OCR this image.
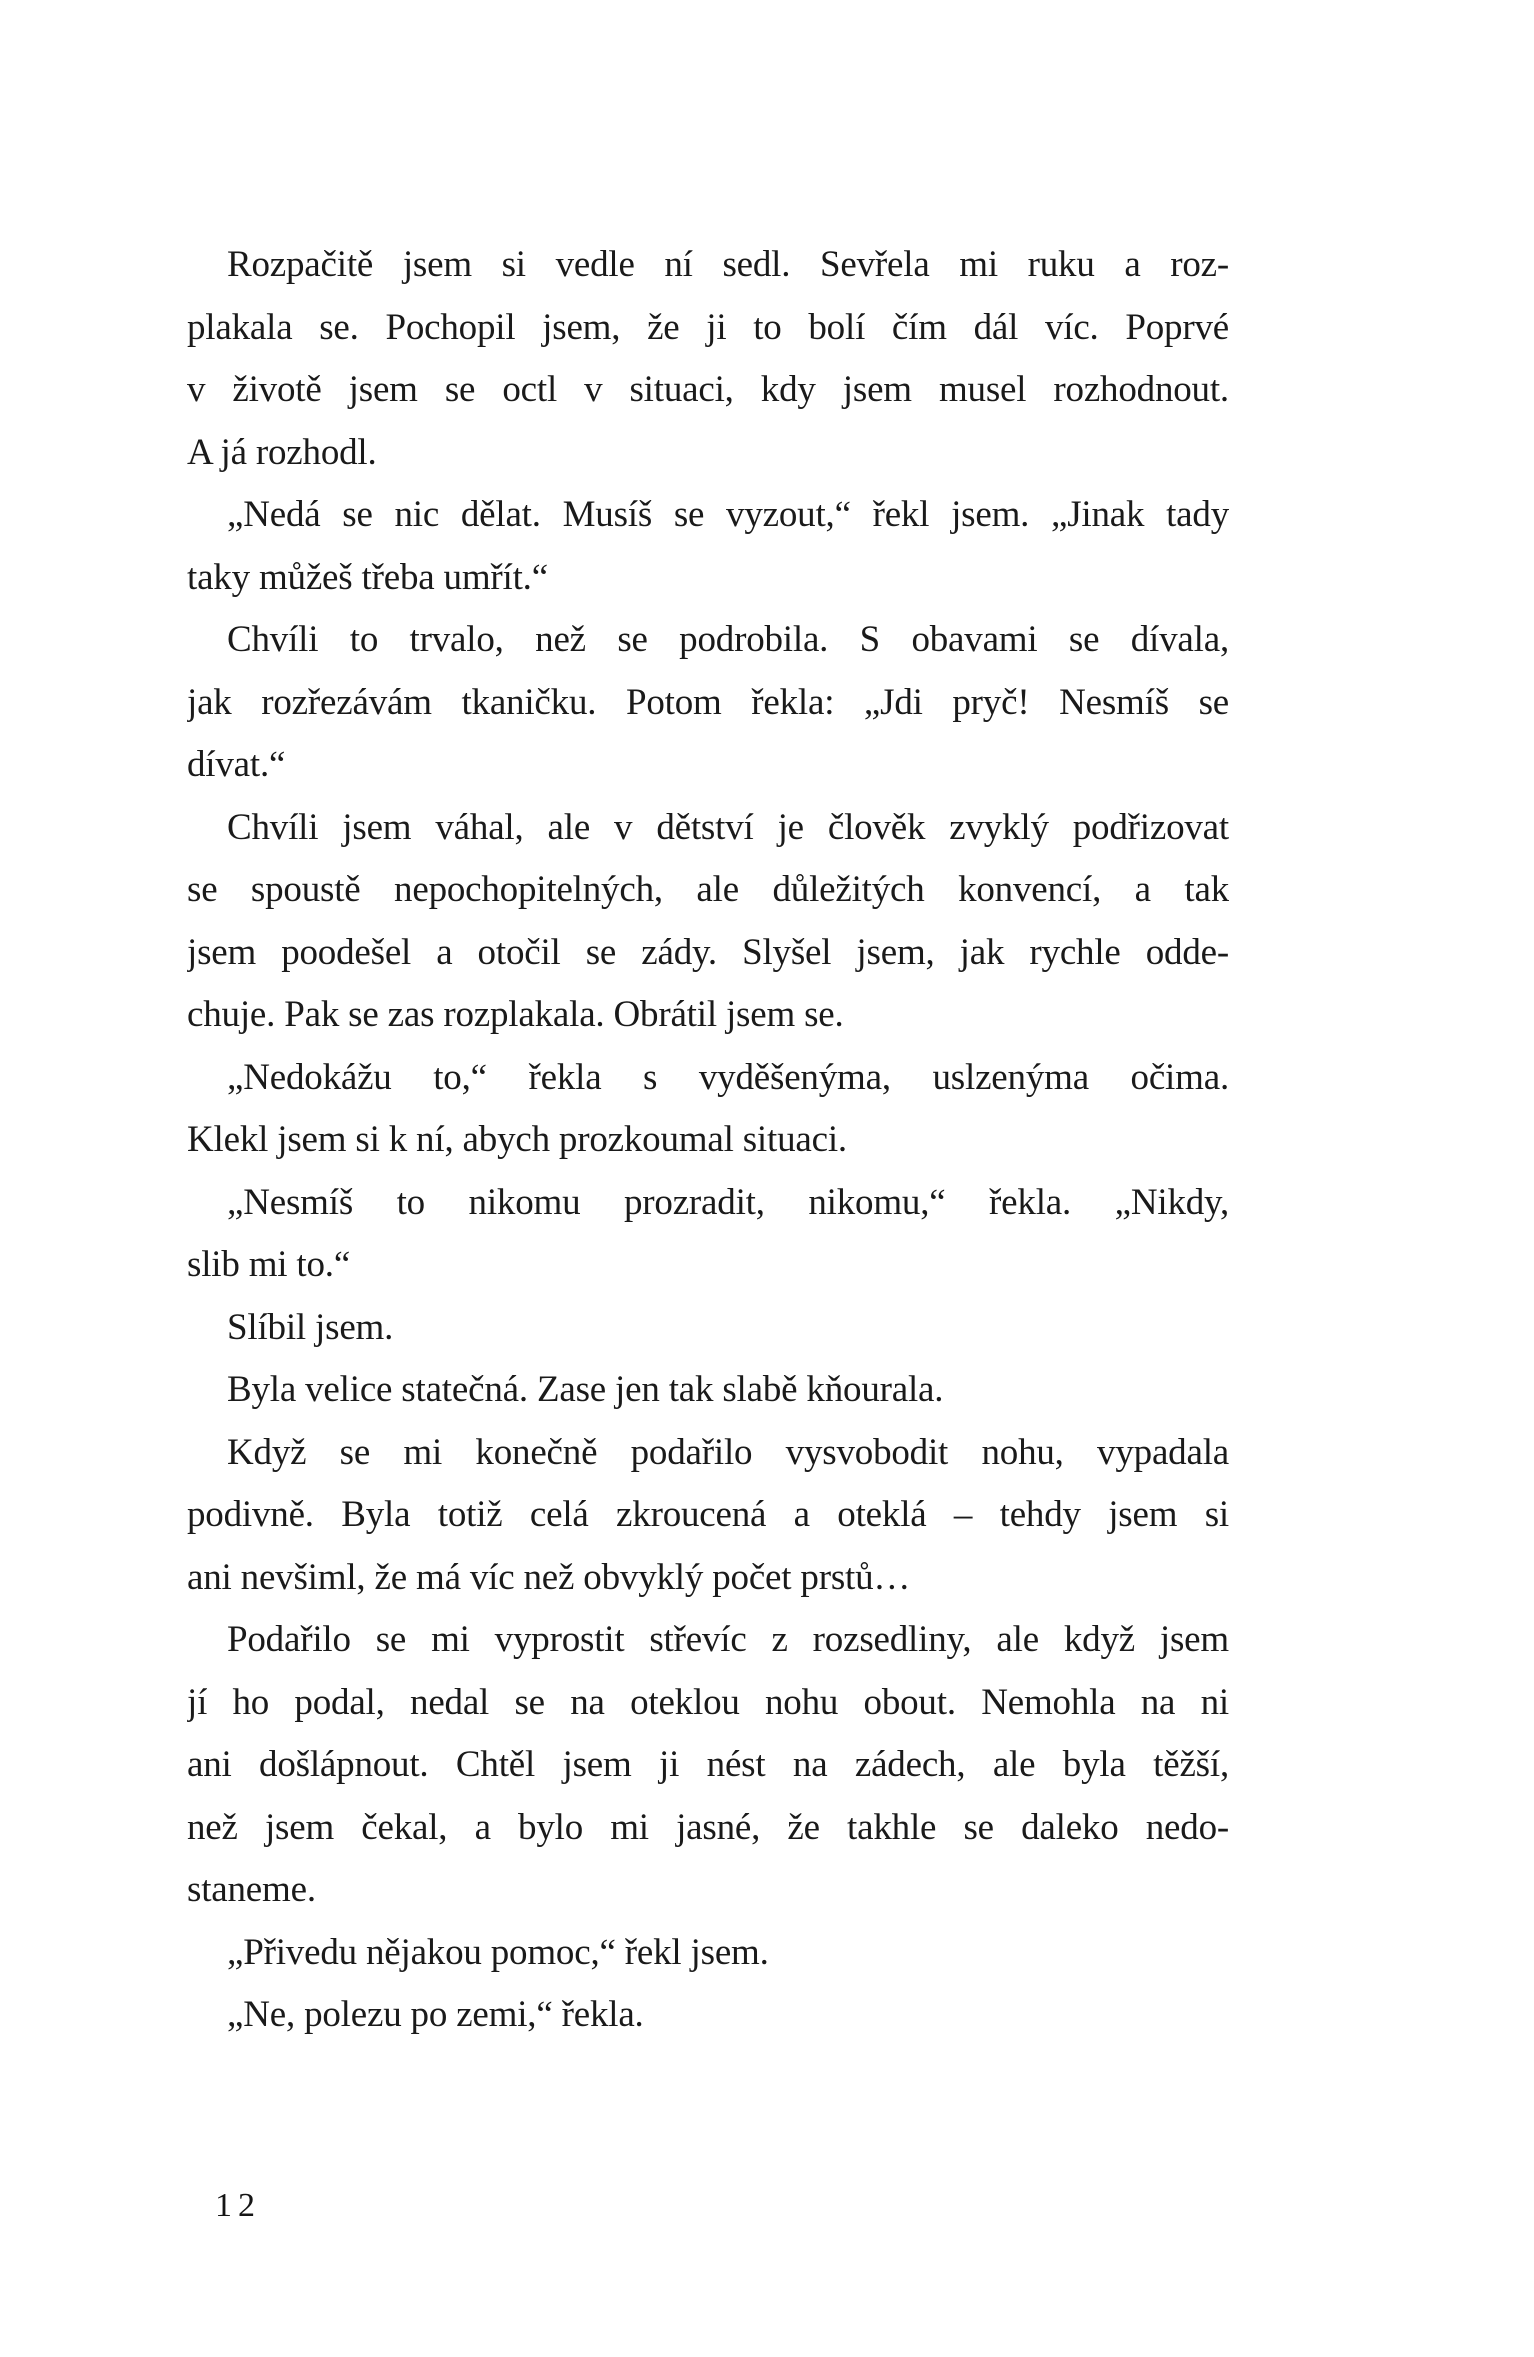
Rozpačitě jsem si vedle ní sedl. Sevřela mi ruku a roz-
plakala se. Pochopil jsem, že ji to bolí čím dál víc. Poprvé
v životě jsem se octl v situaci, kdy jsem musel rozhodnout.
A já rozhodl.

„Nedá se nic dělat. Musíš se vyzout,“ řekl jsem. „Jinak tady
taky můžeš třeba umřít.“

Chvíli to trvalo, než se podrobila. S obavami se dívala,
jak rozřezávám tkaničku. Potom řekla: „Jdi pryč! Nesmíš se
dívat.“

Chvíli jsem váhal, ale v dětství je člověk zvyklý podřizovat
se spoustě nepochopitelných, ale důležitých konvencí, a tak
jsem poodešel a otočil se zády. Slyšel jsem, jak rychle odde-
chuje. Pak se zas rozplakala. Obrátil jsem se.

„Nedokážu to,“ řekla s vyděšenýma, uslzenýma očima.
Klekl jsem si k ní, abych prozkoumal situaci.

„Nesmíš to nikomu prozradit, nikomu,“ řekla. „Nikdy,
slib mi to.“

Slíbil jsem.

Byla velice statečná. Zase jen tak slabě kňourala.

Když se mi konečně podařilo vysvobodit nohu, vypadala
podivně. Byla totiž celá zkroucená a oteklá – tehdy jsem si
ani nevšiml, že má víc než obvyklý počet prstů…

Podařilo se mi vyprostit střevíc z rozsedliny, ale když jsem
jí ho podal, nedal se na oteklou nohu obout. Nemohla na ni
ani došlápnout. Chtěl jsem ji nést na zádech, ale byla těžší,
než jsem čekal, a bylo mi jasné, že takhle se daleko nedo-
staneme.

„Přivedu nějakou pomoc,“ řekl jsem.

„Ne, polezu po zemi,“ řekla.

12
